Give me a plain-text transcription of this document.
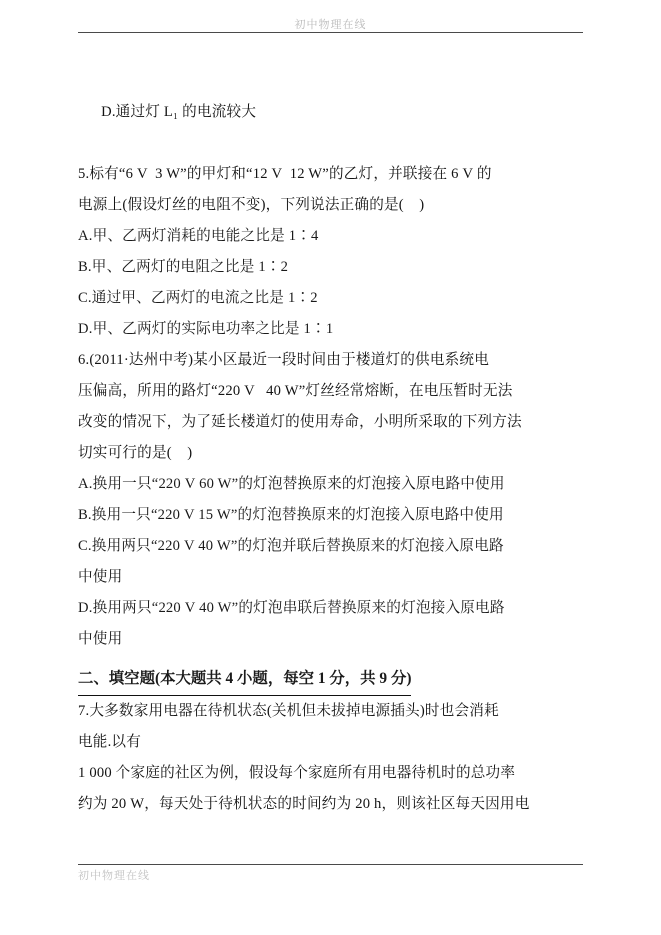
初中物理在线

D.通过灯 L₁ 的电流较大

5.标有“6 V  3 W”的甲灯和“12 V  12 W”的乙灯，并联接在 6 V 的
电源上(假设灯丝的电阻不变)，下列说法正确的是(    )
A.甲、乙两灯消耗的电能之比是 1∶4
B.甲、乙两灯的电阻之比是 1∶2
C.通过甲、乙两灯的电流之比是 1∶2
D.甲、乙两灯的实际电功率之比是 1∶1
6.(2011·达州中考)某小区最近一段时间由于楼道灯的供电系统电
压偏高，所用的路灯“220 V   40 W”灯丝经常熔断，在电压暂时无法
改变的情况下，为了延长楼道灯的使用寿命，小明所采取的下列方法
切实可行的是(    )
A.换用一只“220 V 60 W”的灯泡替换原来的灯泡接入原电路中使用
B.换用一只“220 V 15 W”的灯泡替换原来的灯泡接入原电路中使用
C.换用两只“220 V 40 W”的灯泡并联后替换原来的灯泡接入原电路
中使用
D.换用两只“220 V 40 W”的灯泡串联后替换原来的灯泡接入原电路
中使用
二、填空题(本大题共 4 小题，每空 1 分，共 9 分)
7.大多数家用电器在待机状态(关机但未拔掉电源插头)时也会消耗
电能.以有
1 000 个家庭的社区为例，假设每个家庭所有用电器待机时的总功率
约为 20 W，每天处于待机状态的时间约为 20 h，则该社区每天因用电
初中物理在线
